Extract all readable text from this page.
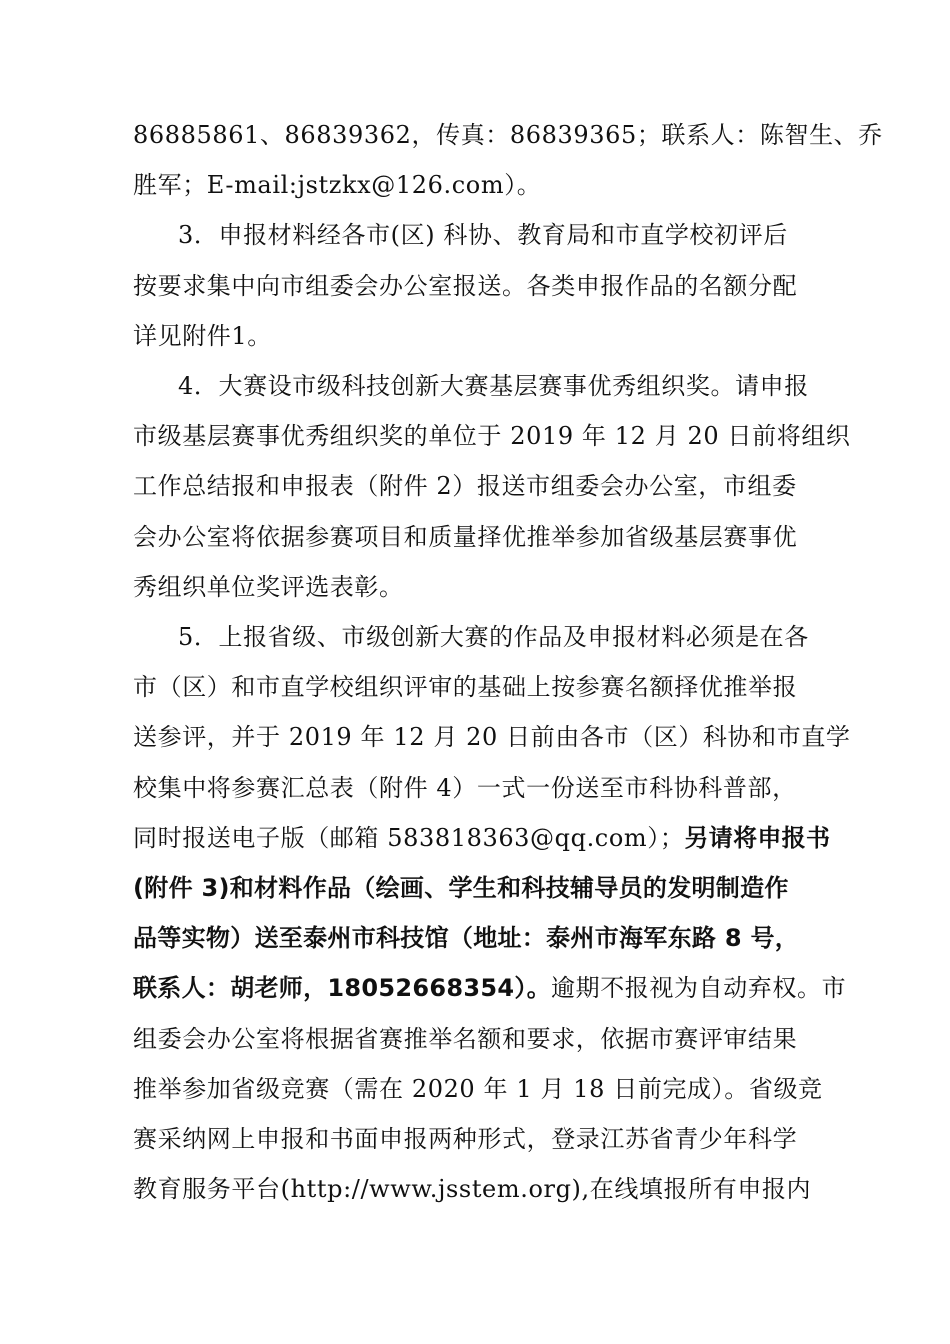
86885861、86839362，传真：86839365；联系人：陈智生、乔
胜军；E-mail:jstzkx@126.com）。
3．申报材料经各市(区) 科协、教育局和市直学校初评后
按要求集中向市组委会办公室报送。各类申报作品的名额分配
详见附件1。
4．大赛设市级科技创新大赛基层赛事优秀组织奖。请申报
市级基层赛事优秀组织奖的单位于 2019 年 12 月 20 日前将组织
工作总结报和申报表（附件 2）报送市组委会办公室，市组委
会办公室将依据参赛项目和质量择优推举参加省级基层赛事优
秀组织单位奖评选表彰。
5．上报省级、市级创新大赛的作品及申报材料必须是在各
市（区）和市直学校组织评审的基础上按参赛名额择优推举报
送参评，并于 2019 年 12 月 20 日前由各市（区）科协和市直学
校集中将参赛汇总表（附件 4）一式一份送至市科协科普部，
同时报送电子版（邮箱 583818363@qq.com）；另请将申报书
(附件 3)和材料作品（绘画、学生和科技辅导员的发明制造作
品等实物）送至泰州市科技馆（地址：泰州市海军东路 8 号，
联系人：胡老师，18052668354）。逾期不报视为自动弃权。市
组委会办公室将根据省赛推举名额和要求，依据市赛评审结果
推举参加省级竞赛（需在 2020 年 1 月 18 日前完成）。省级竞
赛采纳网上申报和书面申报两种形式，登录江苏省青少年科学
教育服务平台(http://www.jsstem.org),在线填报所有申报内
